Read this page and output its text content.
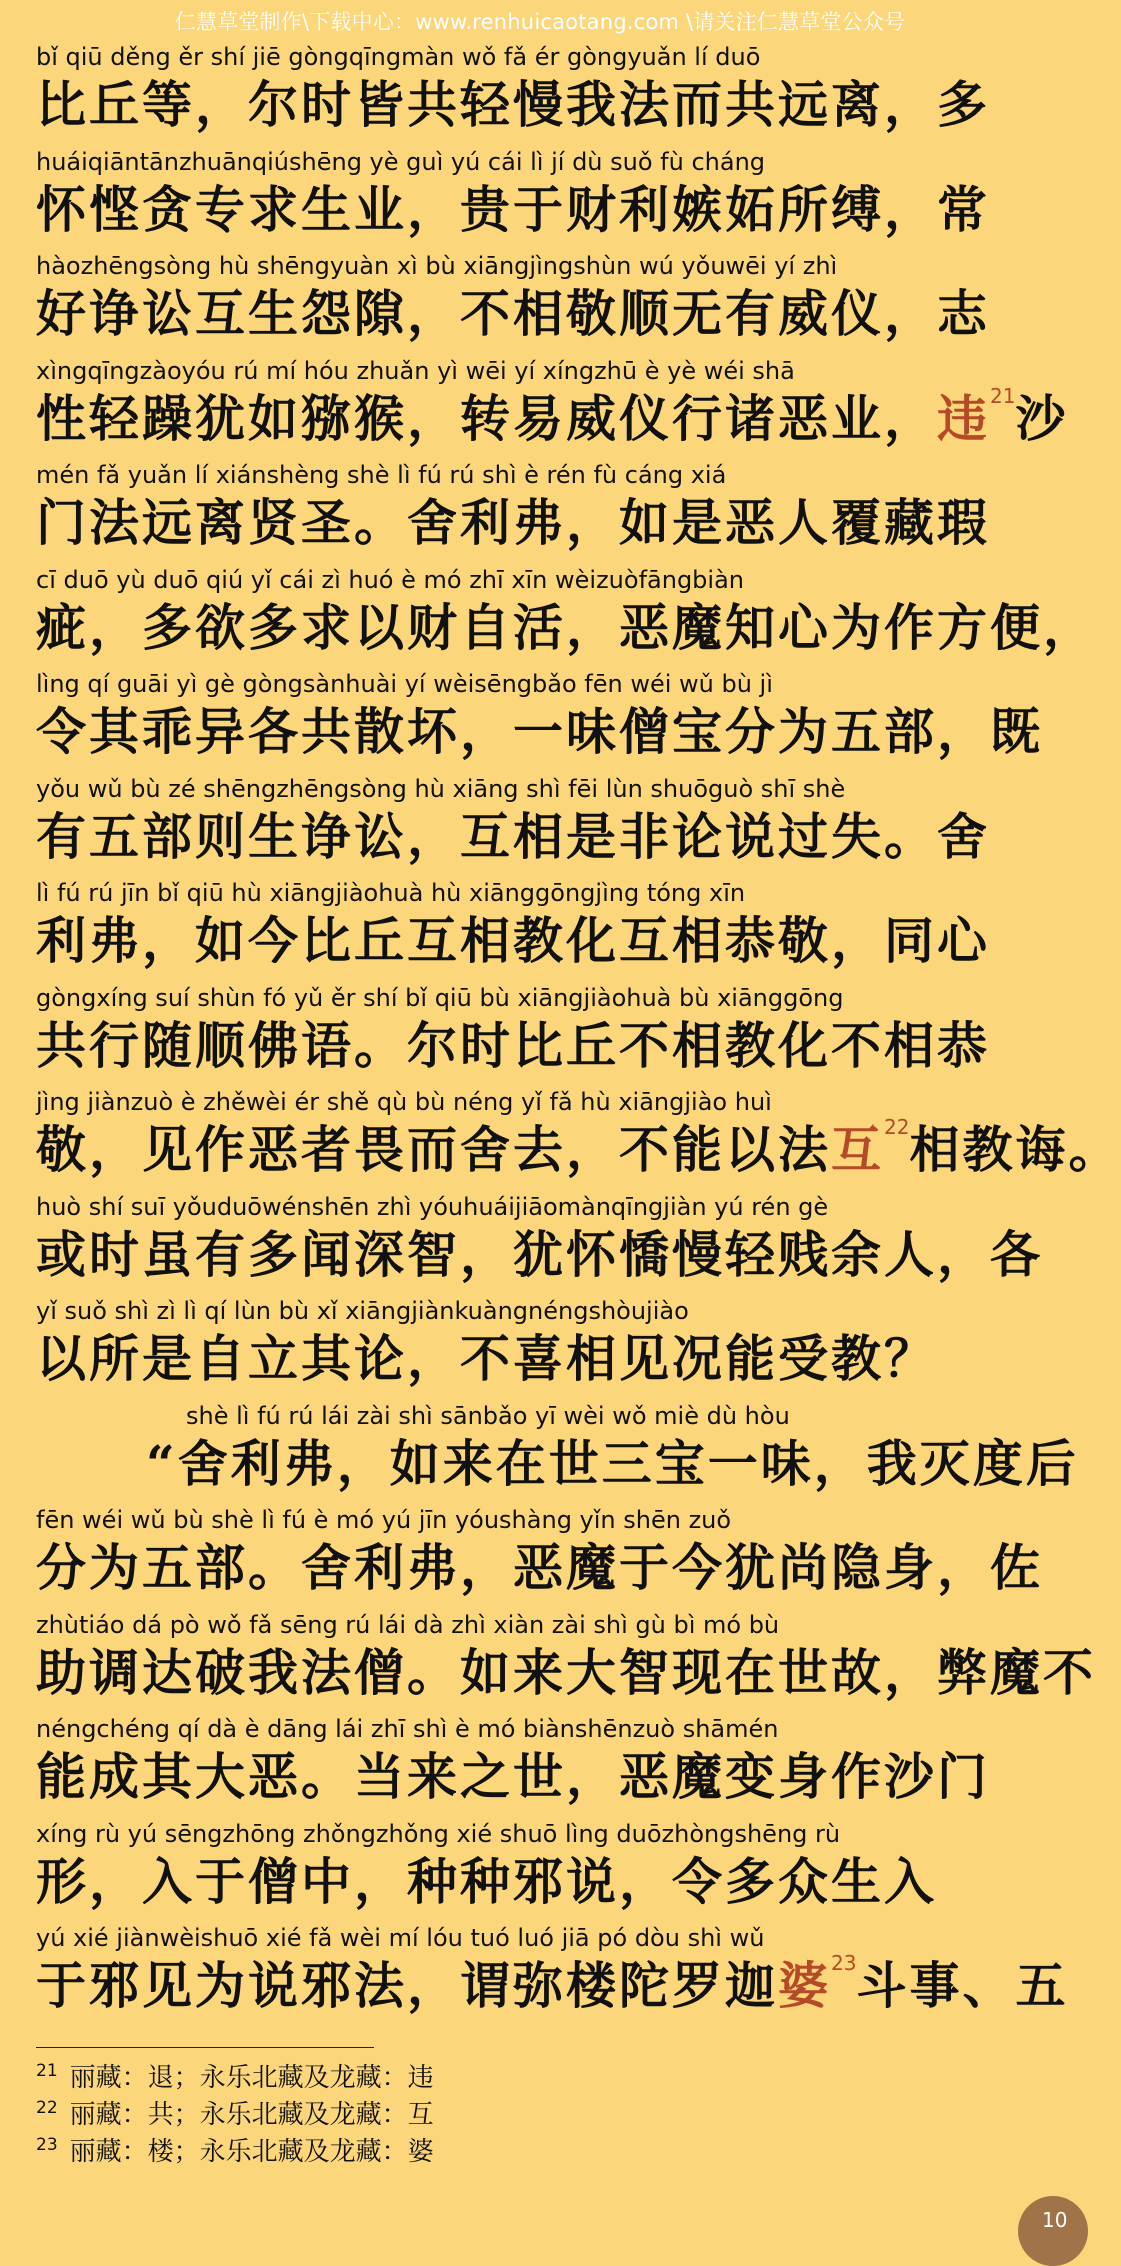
仁慧草堂制作\下载中心：www.renhuicaotang.com \请关注仁慧草堂公众号
bǐ qiū děng ěr shí jiē gòngqīngmàn wǒ fǎ ér gòngyuǎn lí duō
比丘等，尔时皆共轻慢我法而共远离，多
huáiqiāntānzhuānqiúshēng yè guì yú cái lì jí dù suǒ fù cháng
怀悭贪专求生业，贵于财利嫉妬所缚，常
hàozhēngsòng hù shēngyuàn xì bù xiāngjìngshùn wú yǒuwēi yí zhì
好诤讼互生怨隙，不相敬顺无有威仪，志
xìngqīngzàoyóu rú mí hóu zhuǎn yì wēi yí xíngzhū è yè wéi shā
性轻躁犹如猕猴，转易威仪行诸恶业， 违$^{21}$ 沙
mén fǎ yuǎn lí xiánshèng shè lì fú rú shì è rén fù cáng xiá
门法远离贤圣。舍利弗，如是恶人覆藏瑕
cī duō yù duō qiú yǐ cái zì huó è mó zhī xīn wèizuòfāngbiàn
疵，多欲多求以财自活，恶魔知心为作方便，
lìng qí guāi yì gè gòngsànhuài yí wèisēngbǎo fēn wéi wǔ bù jì
令其乖异各共散坏，一味僧宝分为五部，既
yǒu wǔ bù zé shēngzhēngsòng hù xiāng shì fēi lùn shuōguò shī shè
有五部则生诤讼，互相是非论说过失。舍
lì fú rú jīn bǐ qiū hù xiāngjiàohuà hù xiānggōngjìng tóng xīn
利弗，如今比丘互相教化互相恭敬，同心
gòngxíng suí shùn fó yǔ ěr shí bǐ qiū bù xiāngjiàohuà bù xiānggōng
共行随顺佛语。尔时比丘不相教化不相恭
jìng jiànzuò è zhěwèi ér shě qù bù néng yǐ fǎ hù xiāngjiào huì
敬，见作恶者畏而舍去，不能以法 互$^{22}$ 相教诲。
huò shí suī yǒuduōwénshēn zhì yóuhuáijiāomànqīngjiàn yú rén gè
或时虽有多闻深智，犹怀憍慢轻贱余人，各
yǐ suǒ shì zì lì qí lùn bù xǐ xiāngjiànkuàngnéngshòujiào
以所是自立其论，不喜相见况能受教？
shè lì fú rú lái zài shì sānbǎo yī wèi wǒ miè dù hòu
“舍利弗，如来在世三宝一味，我灭度后
fēn wéi wǔ bù shè lì fú è mó yú jīn yóushàng yǐn shēn zuǒ
分为五部。舍利弗，恶魔于今犹尚隐身，佐
zhùtiáo dá pò wǒ fǎ sēng rú lái dà zhì xiàn zài shì gù bì mó bù
助调达破我法僧。如来大智现在世故，弊魔不
néngchéng qí dà è dāng lái zhī shì è mó biànshēnzuò shāmén
能成其大恶。当来之世，恶魔变身作沙门
xíng rù yú sēngzhōng zhǒngzhǒng xié shuō lìng duōzhòngshēng rù
形，入于僧中，种种邪说，令多众生入
yú xié jiànwèishuō xié fǎ wèi mí lóu tuó luó jiā pó dòu shì wǔ
于邪见为说邪法，谓弥楼陀罗迦 婆$^{23}$ 斗事、五
$^{21}$ 丽藏：退；永乐北藏及龙藏：违
$^{22}$ 丽藏：共；永乐北藏及龙藏：互
$^{23}$ 丽藏：楼；永乐北藏及龙藏：婆
10
